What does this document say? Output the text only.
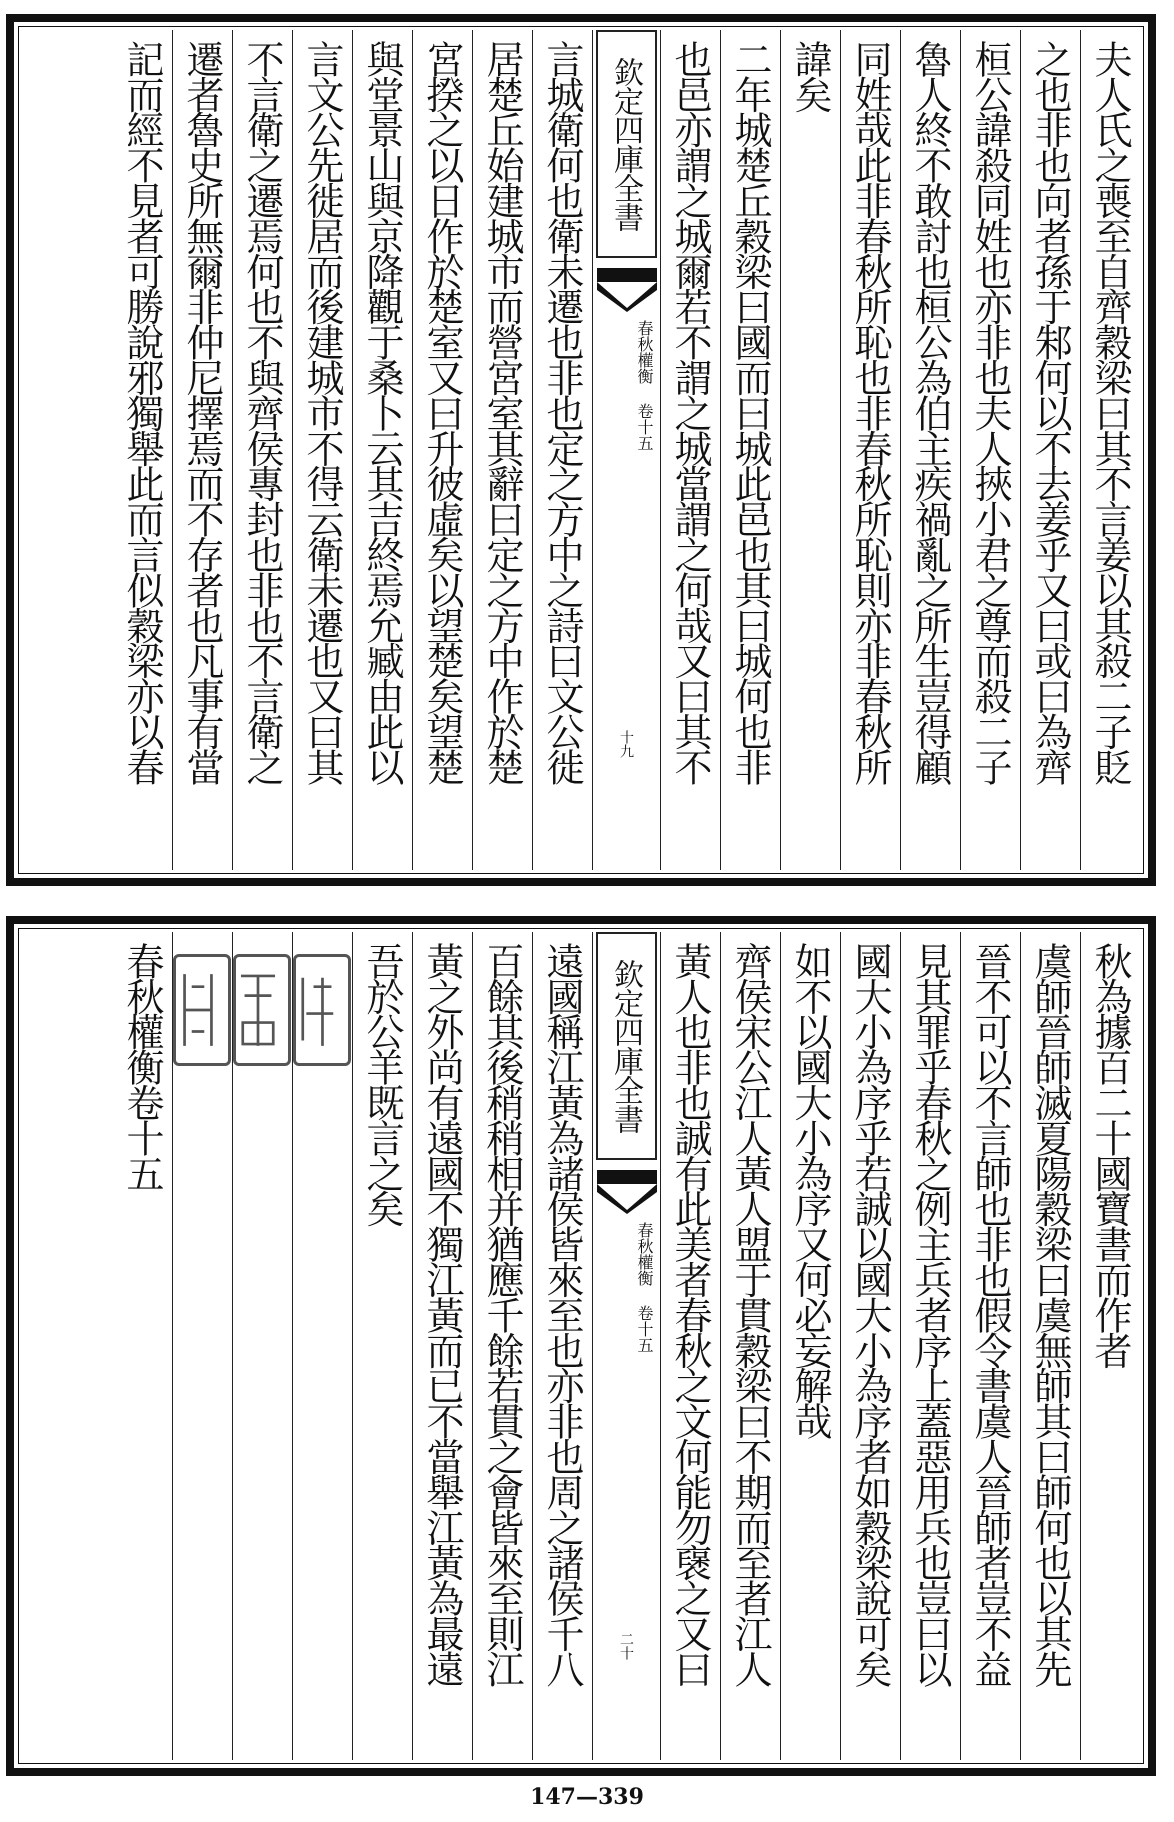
夫人氏之喪至自齊穀梁曰其不言姜以其殺二子貶
之也非也向者孫于邾何以不去姜乎又曰或曰為齊
桓公諱殺同姓也亦非也夫人挾小君之尊而殺二子
魯人終不敢討也桓公為伯主疾禍亂之所生豈得顧
同姓哉此非春秋所恥也非春秋所恥則亦非春秋所
諱矣
二年城楚丘穀梁曰國而曰城此邑也其曰城何也非
也邑亦謂之城爾若不謂之城當謂之何哉又曰其不
欽定四庫全書
春秋權衡 卷十五
十九
言城衛何也衛未遷也非也定之方中之詩曰文公徙
居楚丘始建城市而營宮室其辭曰定之方中作於楚
宮揆之以日作於楚室又曰升彼虛矣以望楚矣望楚
與堂景山與京降觀于桑卜云其吉終焉允臧由此以
言文公先徙居而後建城市不得云衛未遷也又曰其
不言衛之遷焉何也不與齊侯專封也非也不言衛之
遷者魯史所無爾非仲尼擇焉而不存者也凡事有當
記而經不見者可勝說邪獨舉此而言似穀梁亦以春
秋為據百二十國寶書而作者
虞師晉師滅夏陽穀梁曰虞無師其曰師何也以其先
晉不可以不言師也非也假令書虞人晉師者豈不益
見其罪乎春秋之例主兵者序上蓋惡用兵也豈曰以
國大小為序乎若誠以國大小為序者如穀梁說可矣
如不以國大小為序又何必妄解哉
齊侯宋公江人黃人盟于貫穀梁曰不期而至者江人
黃人也非也誠有此美者春秋之文何能勿襃之又曰
欽定四庫全書
春秋權衡 卷十五
二十
遠國稱江黃為諸侯皆來至也亦非也周之諸侯千八
百餘其後稍稍相并猶應千餘若貫之會皆來至則江
黃之外尚有遠國不獨江黃而已不當舉江黃為最遠
吾於公羊既言之矣
春秋權衡卷十五
147—339
